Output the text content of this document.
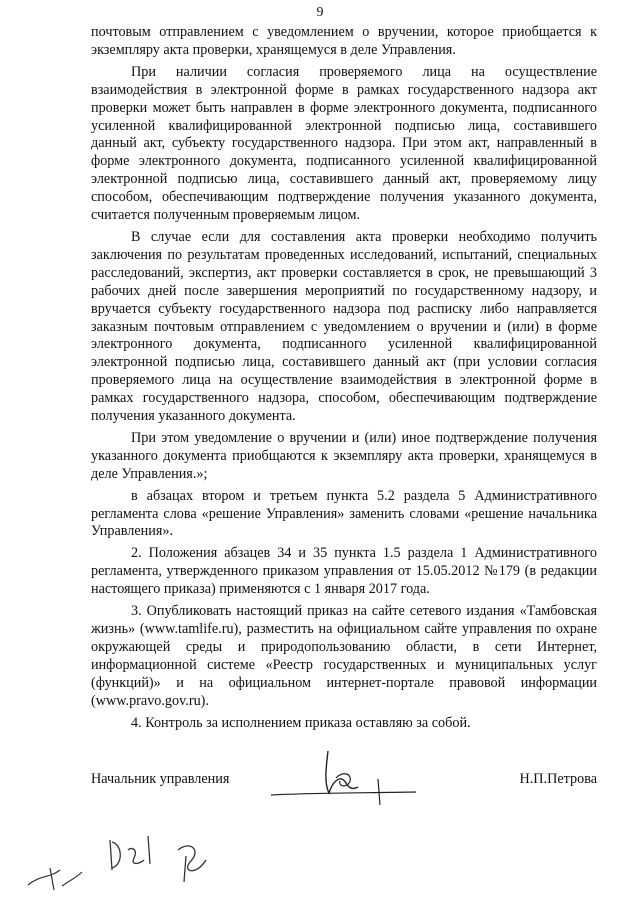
9

почтовым отправлением с уведомлением о вручении, которое приобщается к экземпляру акта проверки, хранящемуся в деле Управления.

При наличии согласия проверяемого лица на осуществление взаимодействия в электронной форме в рамках государственного надзора акт проверки может быть направлен в форме электронного документа, подписанного усиленной квалифицированной электронной подписью лица, составившего данный акт, субъекту государственного надзора. При этом акт, направленный в форме электронного документа, подписанного усиленной квалифицированной электронной подписью лица, составившего данный акт, проверяемому лицу способом, обеспечивающим подтверждение получения указанного документа, считается полученным проверяемым лицом.

В случае если для составления акта проверки необходимо получить заключения по результатам проведенных исследований, испытаний, специальных расследований, экспертиз, акт проверки составляется в срок, не превышающий 3 рабочих дней после завершения мероприятий по государственному надзору, и вручается субъекту государственного надзора под расписку либо направляется заказным почтовым отправлением с уведомлением о вручении и (или) в форме электронного документа, подписанного усиленной квалифицированной электронной подписью лица, составившего данный акт (при условии согласия проверяемого лица на осуществление взаимодействия в электронной форме в рамках государственного надзора, способом, обеспечивающим подтверждение получения указанного документа.

При этом уведомление о вручении и (или) иное подтверждение получения указанного документа приобщаются к экземпляру акта проверки, хранящемуся в деле Управления.»;

в абзацах втором и третьем пункта 5.2 раздела 5 Административного регламента слова «решение Управления» заменить словами «решение начальника Управления».

2. Положения абзацев 34 и 35 пункта 1.5 раздела 1 Административного регламента, утвержденного приказом управления от 15.05.2012 №179 (в редакции настоящего приказа) применяются с 1 января 2017 года.

3. Опубликовать настоящий приказ на сайте сетевого издания «Тамбовская жизнь» (www.tamlife.ru), разместить на официальном сайте управления по охране окружающей среды и природопользованию области, в сети Интернет, информационной системе «Реестр государственных и муниципальных услуг (функций)» и на официальном интернет-портале правовой информации (www.pravo.gov.ru).

4. Контроль за исполнением приказа оставляю за собой.

Начальник управления	Н.П.Петрова
